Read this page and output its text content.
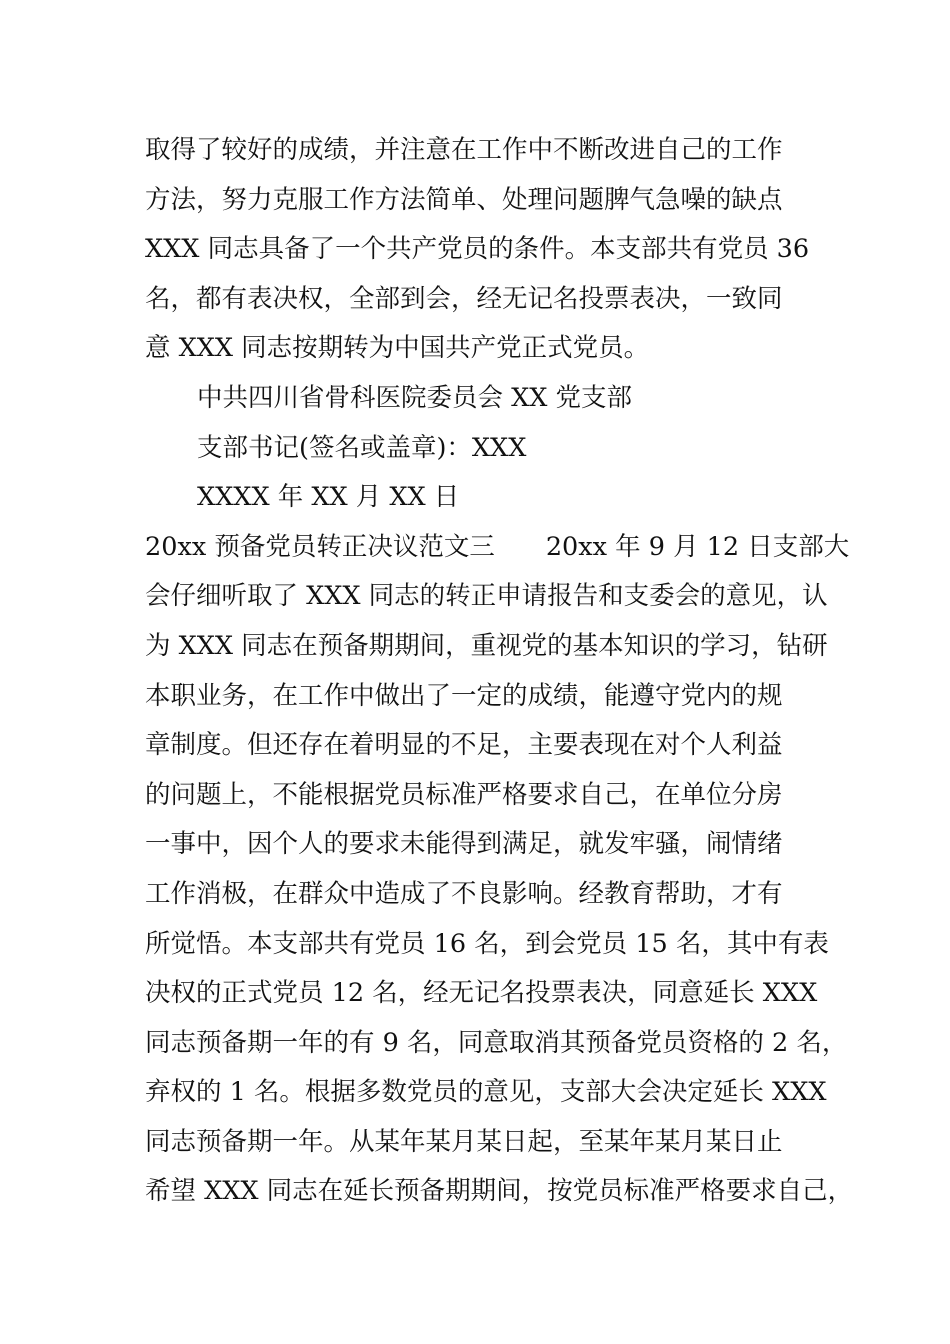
取得了较好的成绩，并注意在工作中不断改进自己的工作
方法，努力克服工作方法简单、处理问题脾气急噪的缺点
XXX 同志具备了一个共产党员的条件。本支部共有党员 36
名，都有表决权，全部到会，经无记名投票表决，一致同
意 XXX 同志按期转为中国共产党正式党员。
中共四川省骨科医院委员会 XX 党支部
支部书记(签名或盖章)：XXX
XXXX 年 XX 月 XX 日
20xx 预备党员转正决议范文三　　20xx 年 9 月 12 日支部大
会仔细听取了 XXX 同志的转正申请报告和支委会的意见，认
为 XXX 同志在预备期期间，重视党的基本知识的学习，钻研
本职业务，在工作中做出了一定的成绩，能遵守党内的规
章制度。但还存在着明显的不足，主要表现在对个人利益
的问题上，不能根据党员标准严格要求自己，在单位分房
一事中，因个人的要求未能得到满足，就发牢骚，闹情绪
工作消极，在群众中造成了不良影响。经教育帮助，才有
所觉悟。本支部共有党员 16 名，到会党员 15 名，其中有表
决权的正式党员 12 名，经无记名投票表决，同意延长 XXX
同志预备期一年的有 9 名，同意取消其预备党员资格的 2 名，
弃权的 1 名。根据多数党员的意见，支部大会决定延长 XXX
同志预备期一年。从某年某月某日起，至某年某月某日止
希望 XXX 同志在延长预备期期间，按党员标准严格要求自己，
